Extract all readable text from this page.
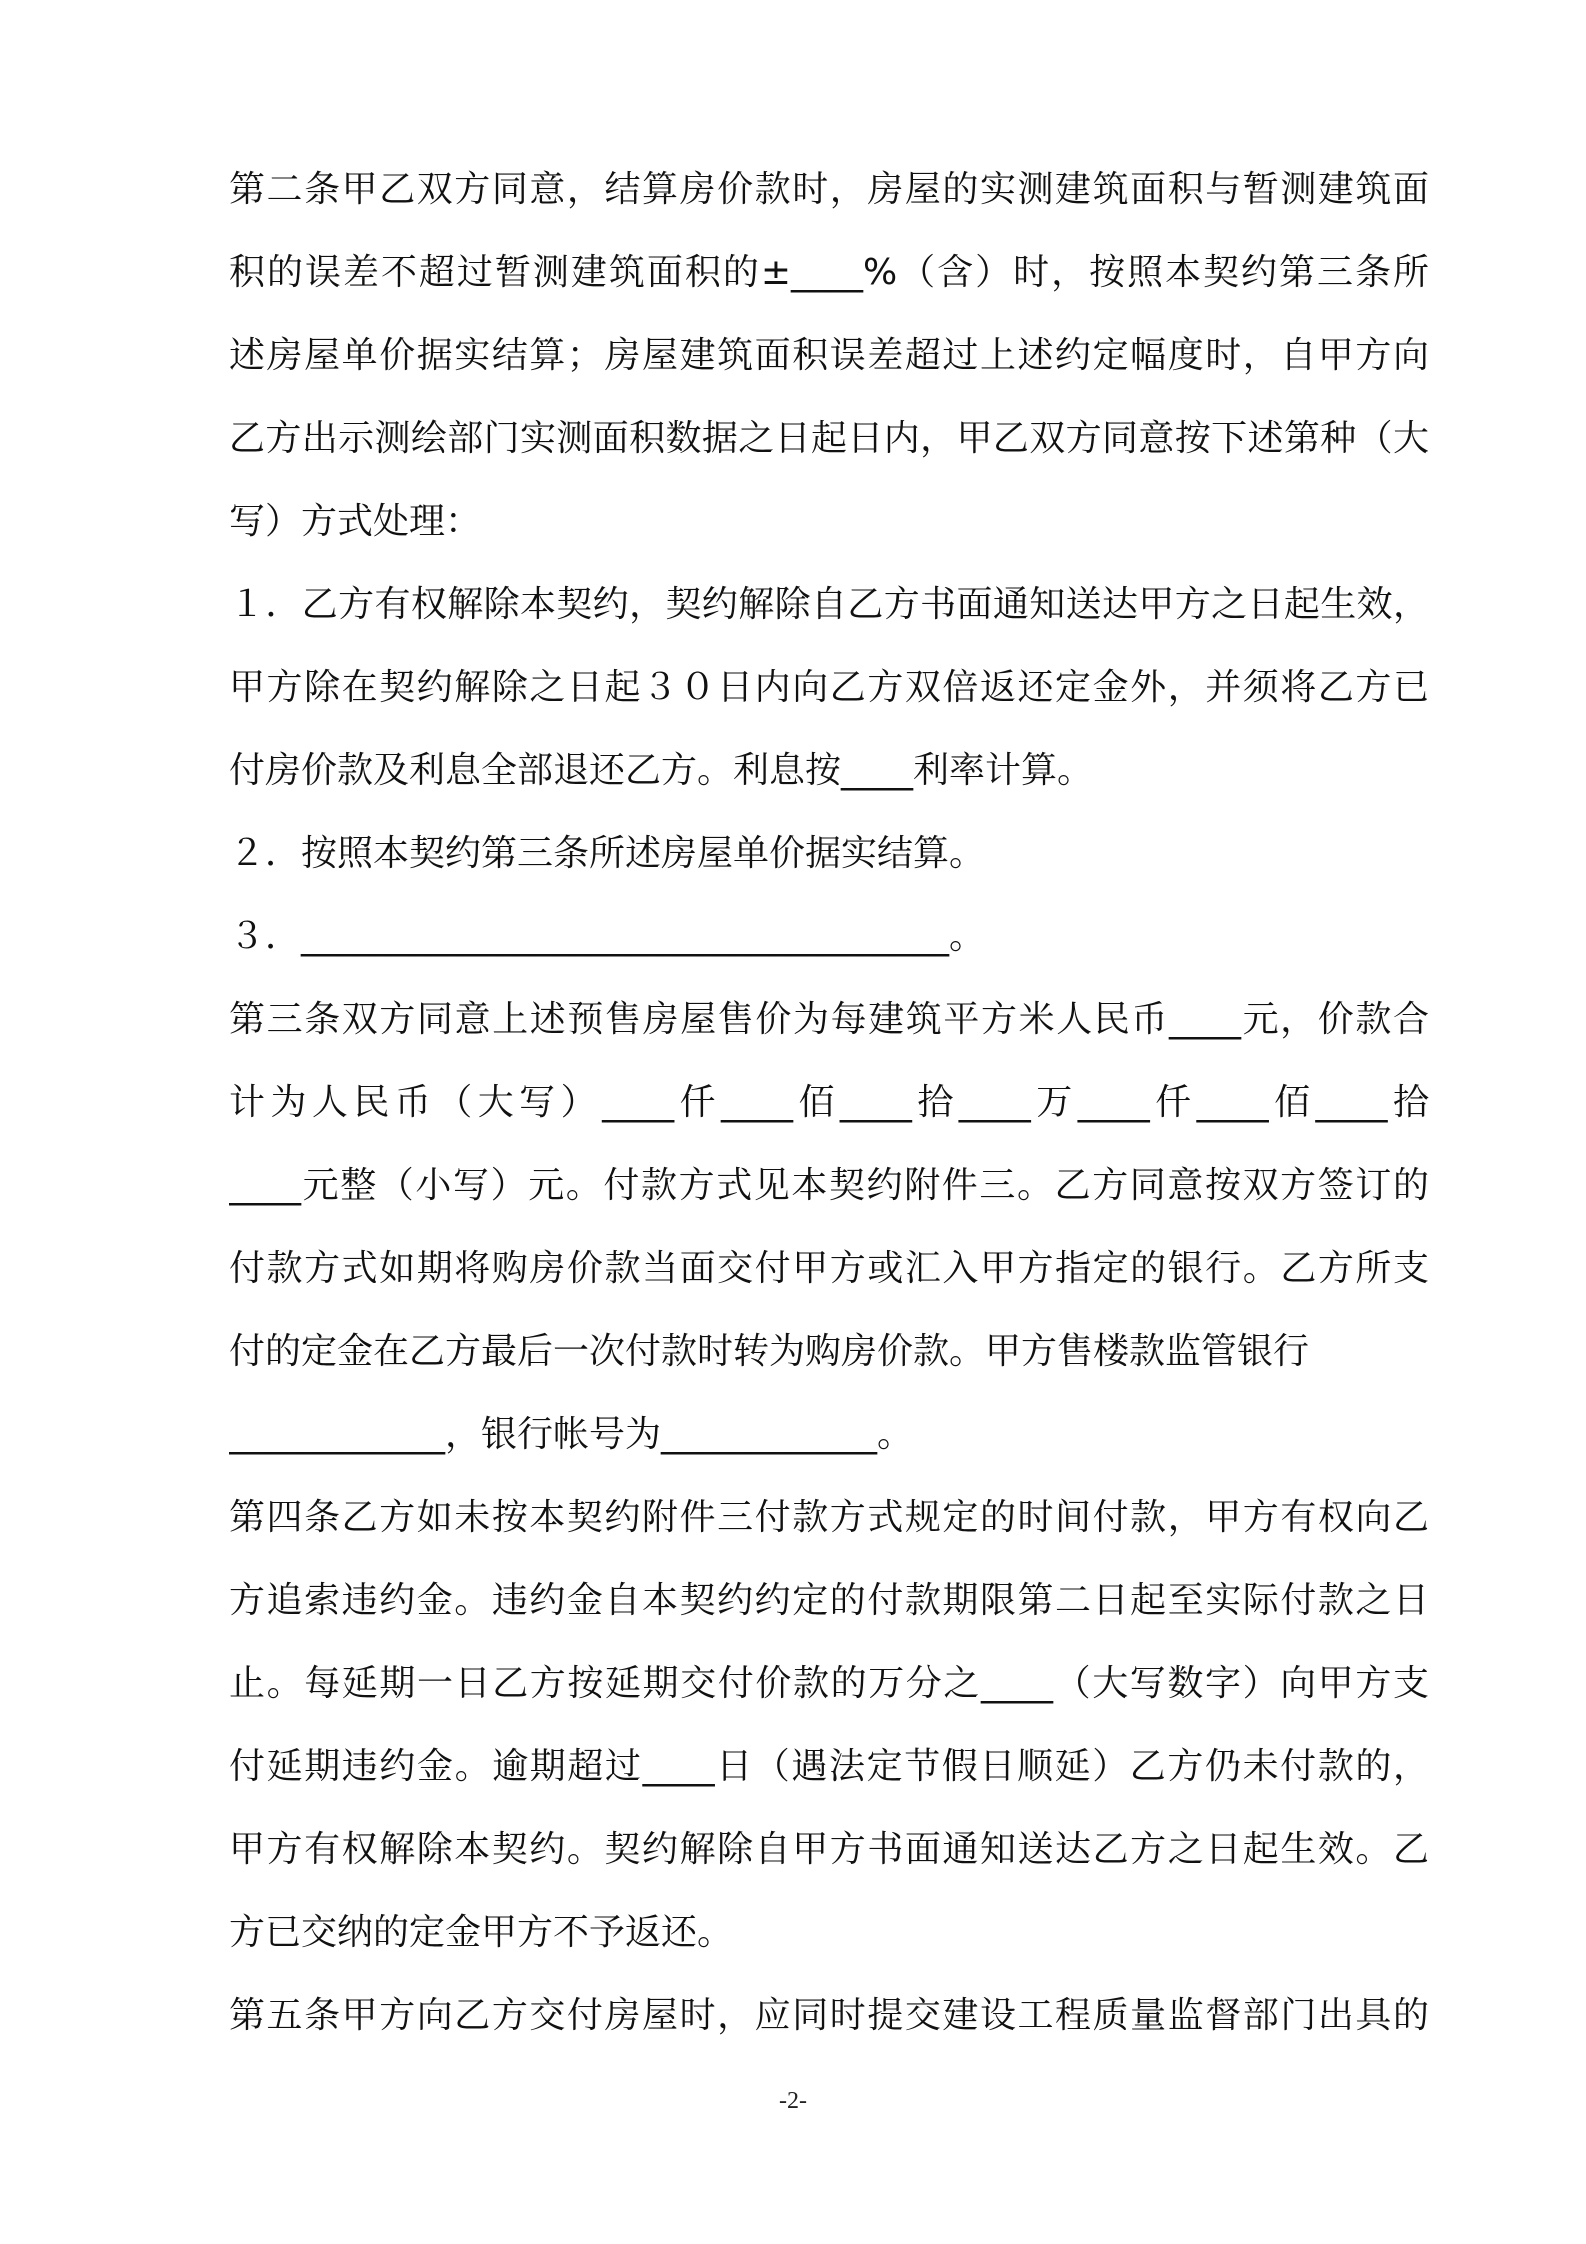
第二条甲乙双方同意，结算房价款时，房屋的实测建筑面积与暂测建筑面
积的误差不超过暂测建筑面积的±____%（含）时，按照本契约第三条所
述房屋单价据实结算；房屋建筑面积误差超过上述约定幅度时，自甲方向
乙方出示测绘部门实测面积数据之日起日内，甲乙双方同意按下述第种（大
写）方式处理：
１．乙方有权解除本契约，契约解除自乙方书面通知送达甲方之日起生效，
甲方除在契约解除之日起３０日内向乙方双倍返还定金外，并须将乙方已
付房价款及利息全部退还乙方。利息按____利率计算。
２．按照本契约第三条所述房屋单价据实结算。
３．____________________________________。
第三条双方同意上述预售房屋售价为每建筑平方米人民币____元，价款合
计为人民币（大写）____仟____佰____拾____万____仟____佰____拾
____元整（小写）元。付款方式见本契约附件三。乙方同意按双方签订的
付款方式如期将购房价款当面交付甲方或汇入甲方指定的银行。乙方所支
付的定金在乙方最后一次付款时转为购房价款。甲方售楼款监管银行
____________，银行帐号为____________。
第四条乙方如未按本契约附件三付款方式规定的时间付款，甲方有权向乙
方追索违约金。违约金自本契约约定的付款期限第二日起至实际付款之日
止。每延期一日乙方按延期交付价款的万分之____（大写数字）向甲方支
付延期违约金。逾期超过____日（遇法定节假日顺延）乙方仍未付款的，
甲方有权解除本契约。契约解除自甲方书面通知送达乙方之日起生效。乙
方已交纳的定金甲方不予返还。
第五条甲方向乙方交付房屋时，应同时提交建设工程质量监督部门出具的
-2-
